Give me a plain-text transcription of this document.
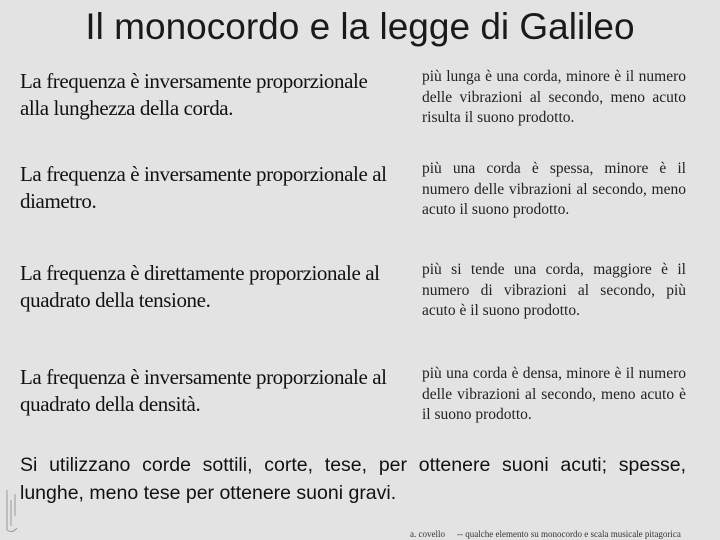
Il monocordo e la legge di Galileo
La frequenza è inversamente proporzionale alla lunghezza della corda.
più lunga è una corda, minore è il numero delle vibrazioni al secondo, meno acuto risulta il suono prodotto.
La frequenza è inversamente proporzionale al diametro.
più una corda è spessa, minore è il numero delle vibrazioni al secondo, meno acuto il suono prodotto.
La frequenza è direttamente proporzionale al quadrato della tensione.
più si tende una corda, maggiore è il numero di vibrazioni al secondo, più acuto è il suono prodotto.
La frequenza è inversamente proporzionale al quadrato della densità.
più una corda è densa, minore è il numero delle vibrazioni al secondo, meno acuto è il suono prodotto.
Si utilizzano corde sottili, corte, tese, per ottenere suoni acuti; spesse, lunghe, meno tese per ottenere suoni gravi.
a. covello -- qualche elemento su monocordo e scala musicale pitagorica
